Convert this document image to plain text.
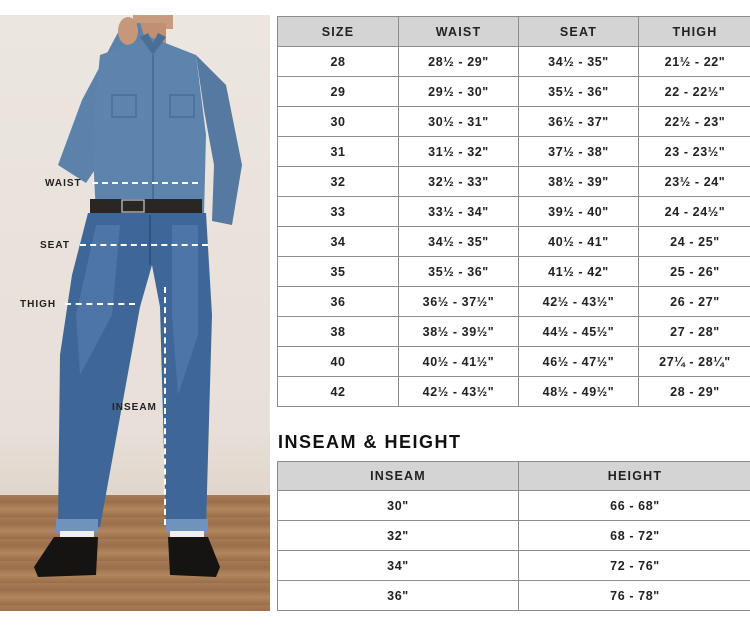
WAIST
SEAT
THIGH
INSEAM
SIZE	WAIST	SEAT	THIGH
28	28½ - 29"	34½ - 35"	21½ - 22"
29	29½ - 30"	35½ - 36"	22 - 22½"
30	30½ - 31"	36½ - 37"	22½ - 23"
31	31½ - 32"	37½ - 38"	23 - 23½"
32	32½ - 33"	38½ - 39"	23½ - 24"
33	33½ - 34"	39½ - 40"	24 - 24½"
34	34½ - 35"	40½ - 41"	24 - 25"
35	35½ - 36"	41½ - 42"	25 - 26"
36	36½ - 37½"	42½ - 43½"	26 - 27"
38	38½ - 39½"	44½ - 45½"	27 - 28"
40	40½ - 41½"	46½ - 47½"	27¼ - 28¼"
42	42½ - 43½"	48½ - 49½"	28 - 29"
INSEAM & HEIGHT
INSEAM	HEIGHT
30"	66 - 68"
32"	68 - 72"
34"	72 - 76"
36"	76 - 78"
